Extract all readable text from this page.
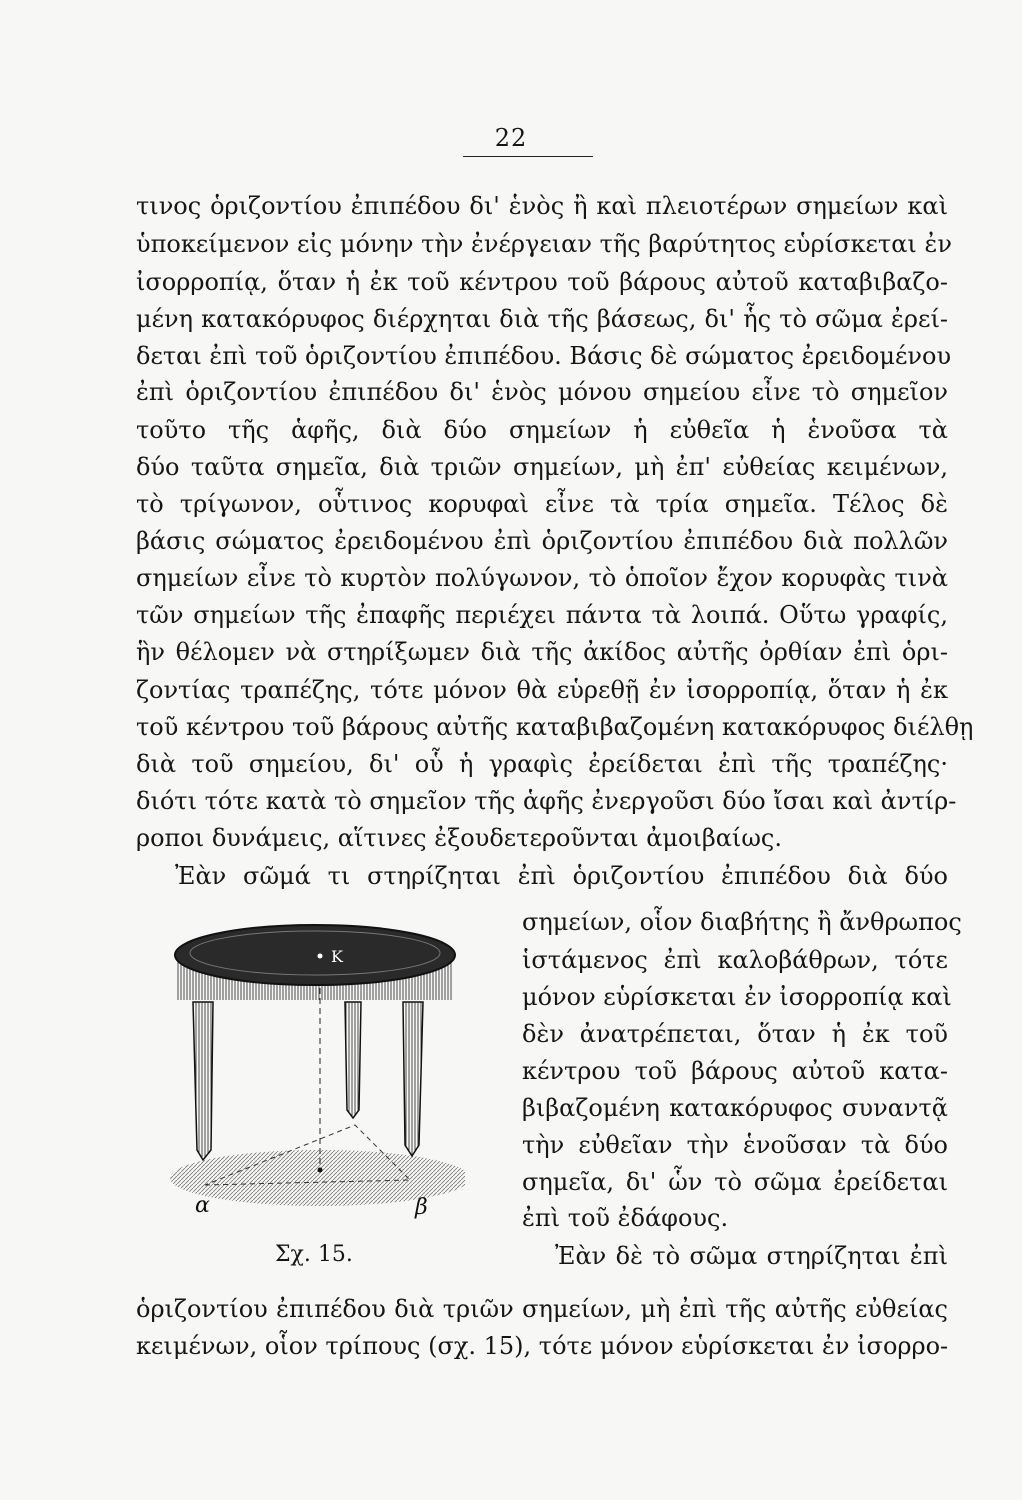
22
τινος ὁριζοντίου ἐπιπέδου δι' ἑνὸς ἢ καὶ πλειοτέρων σημείων καὶ
ὑποκείμενον εἰς μόνην τὴν ἐνέργειαν τῆς βαρύτητος εὑρίσκεται ἐν
ἰσορροπίᾳ, ὅταν ἡ ἐκ τοῦ κέντρου τοῦ βάρους αὐτοῦ καταβιβαζο-
μένη κατακόρυφος διέρχηται διὰ τῆς βάσεως, δι' ἧς τὸ σῶμα ἐρεί-
δεται ἐπὶ τοῦ ὁριζοντίου ἐπιπέδου. Βάσις δὲ σώματος ἐρειδομένου
ἐπὶ ὁριζοντίου ἐπιπέδου δι' ἑνὸς μόνου σημείου εἶνε τὸ σημεῖον
τοῦτο τῆς ἁφῆς, διὰ δύο σημείων ἡ εὐθεῖα ἡ ἑνοῦσα τὰ
δύο ταῦτα σημεῖα, διὰ τριῶν σημείων, μὴ ἐπ' εὐθείας κειμένων,
τὸ τρίγωνον, οὗτινος κορυφαὶ εἶνε τὰ τρία σημεῖα. Τέλος δὲ
βάσις σώματος ἐρειδομένου ἐπὶ ὁριζοντίου ἐπιπέδου διὰ πολλῶν
σημείων εἶνε τὸ κυρτὸν πολύγωνον, τὸ ὁποῖον ἔχον κορυφὰς τινὰ
τῶν σημείων τῆς ἐπαφῆς περιέχει πάντα τὰ λοιπά. Οὕτω γραφίς,
ἣν θέλομεν νὰ στηρίξωμεν διὰ τῆς ἀκίδος αὐτῆς ὀρθίαν ἐπὶ ὁρι-
ζοντίας τραπέζης, τότε μόνον θὰ εὑρεθῇ ἐν ἰσορροπίᾳ, ὅταν ἡ ἐκ
τοῦ κέντρου τοῦ βάρους αὐτῆς καταβιβαζομένη κατακόρυφος διέλθῃ
διὰ τοῦ σημείου, δι' οὗ ἡ γραφὶς ἐρείδεται ἐπὶ τῆς τραπέζης·
διότι τότε κατὰ τὸ σημεῖον τῆς ἁφῆς ἐνεργοῦσι δύο ἴσαι καὶ ἀντίρ-
ροποι δυνάμεις, αἵτινες ἐξουδετεροῦνται ἀμοιβαίως.
Ἐὰν σῶμά τι στηρίζηται ἐπὶ ὁριζοντίου ἐπιπέδου διὰ δύο
σημείων, οἷον διαβήτης ἢ ἄνθρωπος
ἱστάμενος ἐπὶ καλοβάθρων, τότε
μόνον εὑρίσκεται ἐν ἰσορροπίᾳ καὶ
δὲν ἀνατρέπεται, ὅταν ἡ ἐκ τοῦ
κέντρου τοῦ βάρους αὐτοῦ κατα-
βιβαζομένη κατακόρυφος συναντᾷ
τὴν εὐθεῖαν τὴν ἑνοῦσαν τὰ δύο
σημεῖα, δι' ὧν τὸ σῶμα ἐρείδεται
ἐπὶ τοῦ ἐδάφους.
Ἐὰν δὲ τὸ σῶμα στηρίζηται ἐπὶ
ὁριζοντίου ἐπιπέδου διὰ τριῶν σημείων, μὴ ἐπὶ τῆς αὐτῆς εὐθείας
κειμένων, οἷον τρίπους (σχ. 15), τότε μόνον εὑρίσκεται ἐν ἰσορρο-
K
α	β
Σχ. 15.
